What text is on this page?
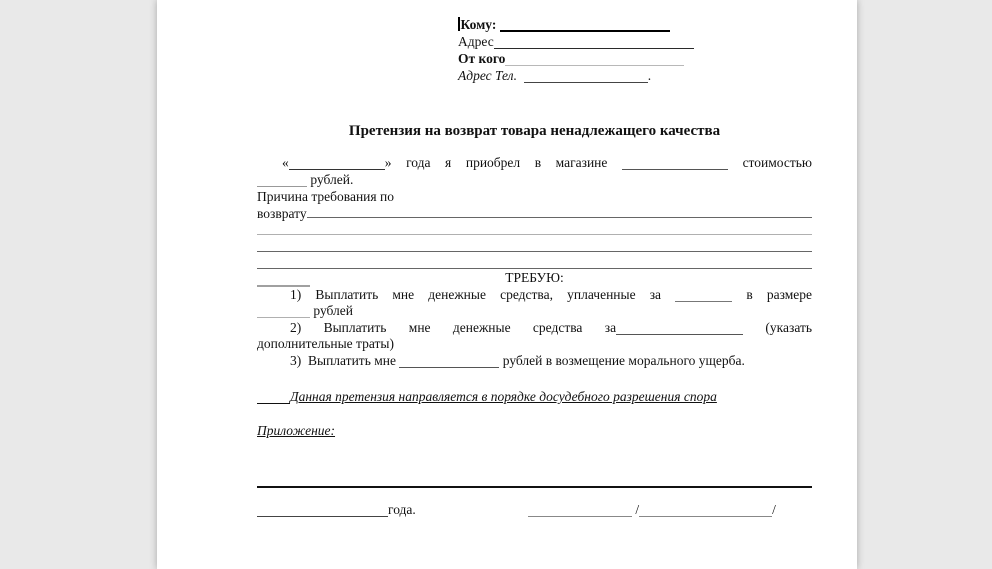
Кому:
Адрес
От кого
Адрес Тел.	.
Претензия на возврат товара ненадлежащего качества
«	» года я приобрел в магазине	стоимостью
рублей.
Причина требования по
возврату
ТРЕБУЮ:
1) Выплатить мне денежные средства, уплаченные за	в размере
рублей
2) Выплатить мне денежные средства за	(указать
дополнительные траты)
3) Выплатить мне	рублей в возмещение морального ущерба.
Данная претензия направляется в порядке досудебного разрешения спора
Приложение:
года.	/	/
